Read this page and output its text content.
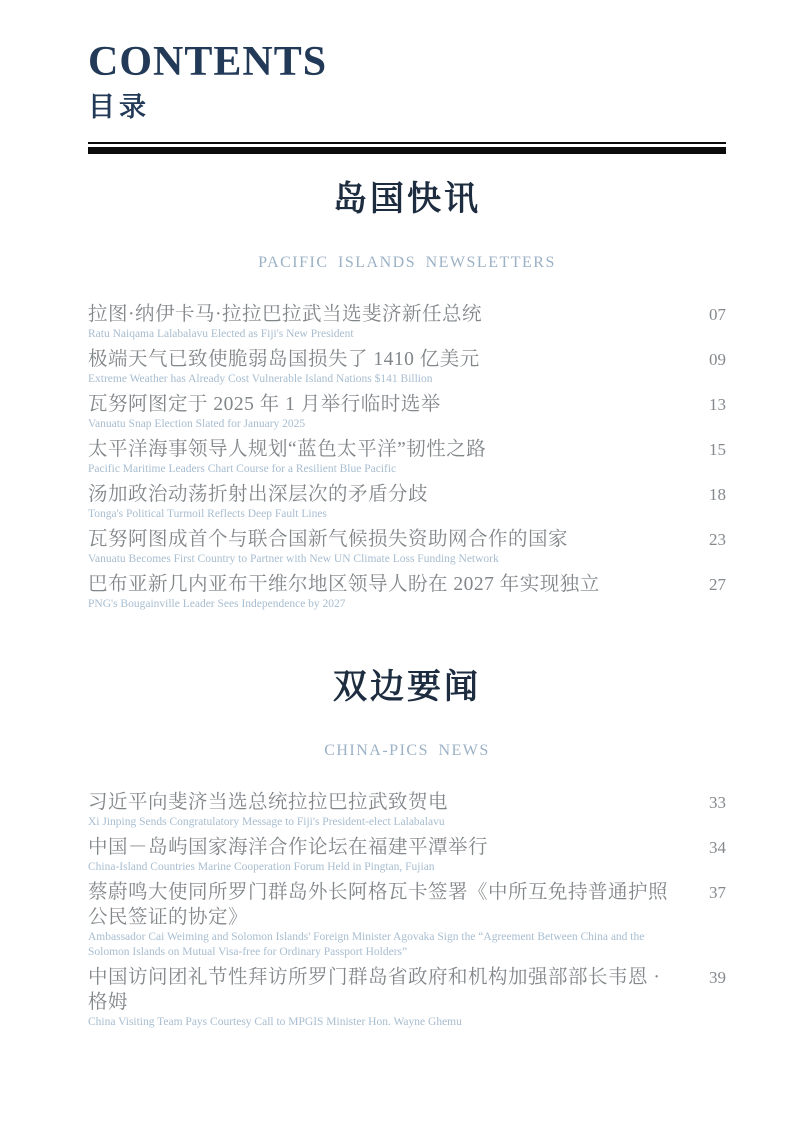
CONTENTS
目录
岛国快讯
PACIFIC ISLANDS NEWSLETTERS
拉图·纳伊卡马·拉拉巴拉武当选斐济新任总统
Ratu Naiqama Lalabalavu Elected as Fiji's New President
07
极端天气已致使脆弱岛国损失了 1410 亿美元
Extreme Weather has Already Cost Vulnerable Island Nations $141 Billion
09
瓦努阿图定于 2025 年 1 月举行临时选举
Vanuatu Snap Election Slated for January 2025
13
太平洋海事领导人规划“蓝色太平洋”韧性之路
Pacific Maritime Leaders Chart Course for a Resilient Blue Pacific
15
汤加政治动荡折射出深层次的矛盾分歧
Tonga's Political Turmoil Reflects Deep Fault Lines
18
瓦努阿图成首个与联合国新气候损失资助网合作的国家
Vanuatu Becomes First Country to Partner with New UN Climate Loss Funding Network
23
巴布亚新几内亚布干维尔地区领导人盼在 2027 年实现独立
PNG's Bougainville Leader Sees Independence by 2027
27
双边要闻
CHINA-PICS NEWS
习近平向斐济当选总统拉拉巴拉武致贺电
Xi Jinping Sends Congratulatory Message to Fiji's President-elect Lalabalavu
33
中国－岛屿国家海洋合作论坛在福建平潭举行
China-Island Countries Marine Cooperation Forum Held in Pingtan, Fujian
34
蔡蔚鸣大使同所罗门群岛外长阿格瓦卡签署《中所互免持普通护照公民签证的协定》
Ambassador Cai Weiming and Solomon Islands' Foreign Minister Agovaka Sign the “Agreement Between China and the Solomon Islands on Mutual Visa-free for Ordinary Passport Holders”
37
中国访问团礼节性拜访所罗门群岛省政府和机构加强部部长韦恩 · 格姆
China Visiting Team Pays Courtesy Call to MPGIS Minister Hon. Wayne Ghemu
39
